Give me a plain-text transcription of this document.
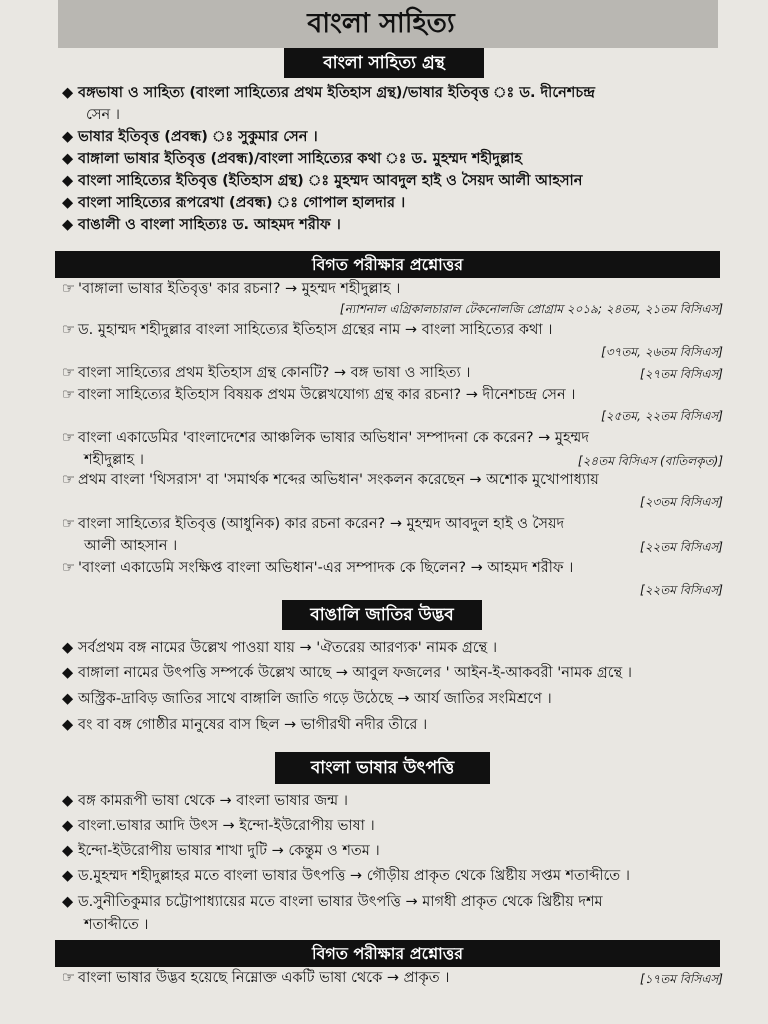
বাংলা সাহিত্য
বাংলা সাহিত্য গ্রন্থ
◆ বঙ্গভাষা ও সাহিত্য (বাংলা সাহিত্যের প্রথম ইতিহাস গ্রন্থ)/ভাষার ইতিবৃত্ত ঃ ড. দীনেশচন্দ্র
সেন ।
◆ ভাষার ইতিবৃত্ত (প্রবন্ধ) ঃ সুকুমার সেন ।
◆ বাঙ্গালা ভাষার ইতিবৃত্ত (প্রবন্ধ)/বাংলা সাহিত্যের কথা ঃ ড. মুহম্মদ শহীদুল্লাহ
◆ বাংলা সাহিত্যের ইতিবৃত্ত (ইতিহাস গ্রন্থ) ঃ মুহম্মদ আবদুল হাই ও সৈয়দ আলী আহসান
◆ বাংলা সাহিত্যের রূপরেখা (প্রবন্ধ) ঃ গোপাল হালদার ।
◆ বাঙালী ও বাংলা সাহিত্যঃ ড. আহমদ শরীফ ।
বিগত পরীক্ষার প্রশ্নোত্তর
☞ 'বাঙ্গালা ভাষার ইতিবৃত্ত' কার রচনা? → মুহম্মদ শহীদুল্লাহ ।
[ন্যাশনাল এগ্রিকালচারাল টেকনোলজি প্রোগ্রাম ২০১৯; ২৪তম, ২১তম বিসিএস]
☞ ড. মুহাম্মদ শহীদুল্লার বাংলা সাহিত্যের ইতিহাস গ্রন্থের নাম → বাংলা সাহিত্যের কথা ।
[৩৭তম, ২৬তম বিসিএস]
☞ বাংলা সাহিত্যের প্রথম ইতিহাস গ্রন্থ কোনটি? → বঙ্গ ভাষা ও সাহিত্য ।	[২৭তম বিসিএস]
☞ বাংলা সাহিত্যের ইতিহাস বিষয়ক প্রথম উল্লেখযোগ্য গ্রন্থ কার রচনা? → দীনেশচন্দ্র সেন ।
[২৫তম, ২২তম বিসিএস]
☞ বাংলা একাডেমির 'বাংলাদেশের আঞ্চলিক ভাষার অভিধান' সম্পাদনা কে করেন? → মুহম্মদ
শহীদুল্লাহ ।	[২৪তম বিসিএস (বাতিলকৃত)]
☞ প্রথম বাংলা 'থিসরাস' বা 'সমার্থক শব্দের অভিধান' সংকলন করেছেন → অশোক মুখোপাধ্যায়
[২৩তম বিসিএস]
☞ বাংলা সাহিত্যের ইতিবৃত্ত (আধুনিক) কার রচনা করেন? → মুহম্মদ আবদুল হাই ও সৈয়দ
আলী আহসান ।	[২২তম বিসিএস]
☞ 'বাংলা একাডেমি সংক্ষিপ্ত বাংলা অভিধান'-এর সম্পাদক কে ছিলেন? → আহমদ শরীফ ।
[২২তম বিসিএস]
বাঙালি জাতির উদ্ভব
◆ সর্বপ্রথম বঙ্গ নামের উল্লেখ পাওয়া যায় → 'ঐতরেয় আরণ্যক' নামক গ্রন্থে ।
◆ বাঙ্গালা নামের উৎপত্তি সম্পর্কে উল্লেখ আছে → আবুল ফজলের ' আইন-ই-আকবরী 'নামক গ্রন্থে ।
◆ অস্ট্রিক-দ্রাবিড় জাতির সাথে বাঙ্গালি জাতি গড়ে উঠেছে → আর্য জাতির সংমিশ্রণে ।
◆ বং বা বঙ্গ গোষ্ঠীর মানুষের বাস ছিল → ভাগীরথী নদীর তীরে ।
বাংলা ভাষার উৎপত্তি
◆ বঙ্গ কামরূপী ভাষা থেকে → বাংলা ভাষার জন্ম ।
◆ বাংলা.ভাষার আদি উৎস → ইন্দো-ইউরোপীয় ভাষা ।
◆ ইন্দো-ইউরোপীয় ভাষার শাখা দুটি → কেন্তুম ও শতম ।
◆ ড.মুহম্মদ শহীদুল্লাহর মতে বাংলা ভাষার উৎপত্তি → গৌড়ীয় প্রাকৃত থেকে খ্রিষ্টীয় সপ্তম শতাব্দীতে ।
◆ ড.সুনীতিকুমার চট্টোপাধ্যায়ের মতে বাংলা ভাষার উৎপত্তি → মাগধী প্রাকৃত থেকে খ্রিষ্টীয় দশম
শতাব্দীতে ।
বিগত পরীক্ষার প্রশ্নোত্তর
☞ বাংলা ভাষার উদ্ভব হয়েছে নিম্নোক্ত একটি ভাষা থেকে → প্রাকৃত ।	[১৭তম বিসিএস]
